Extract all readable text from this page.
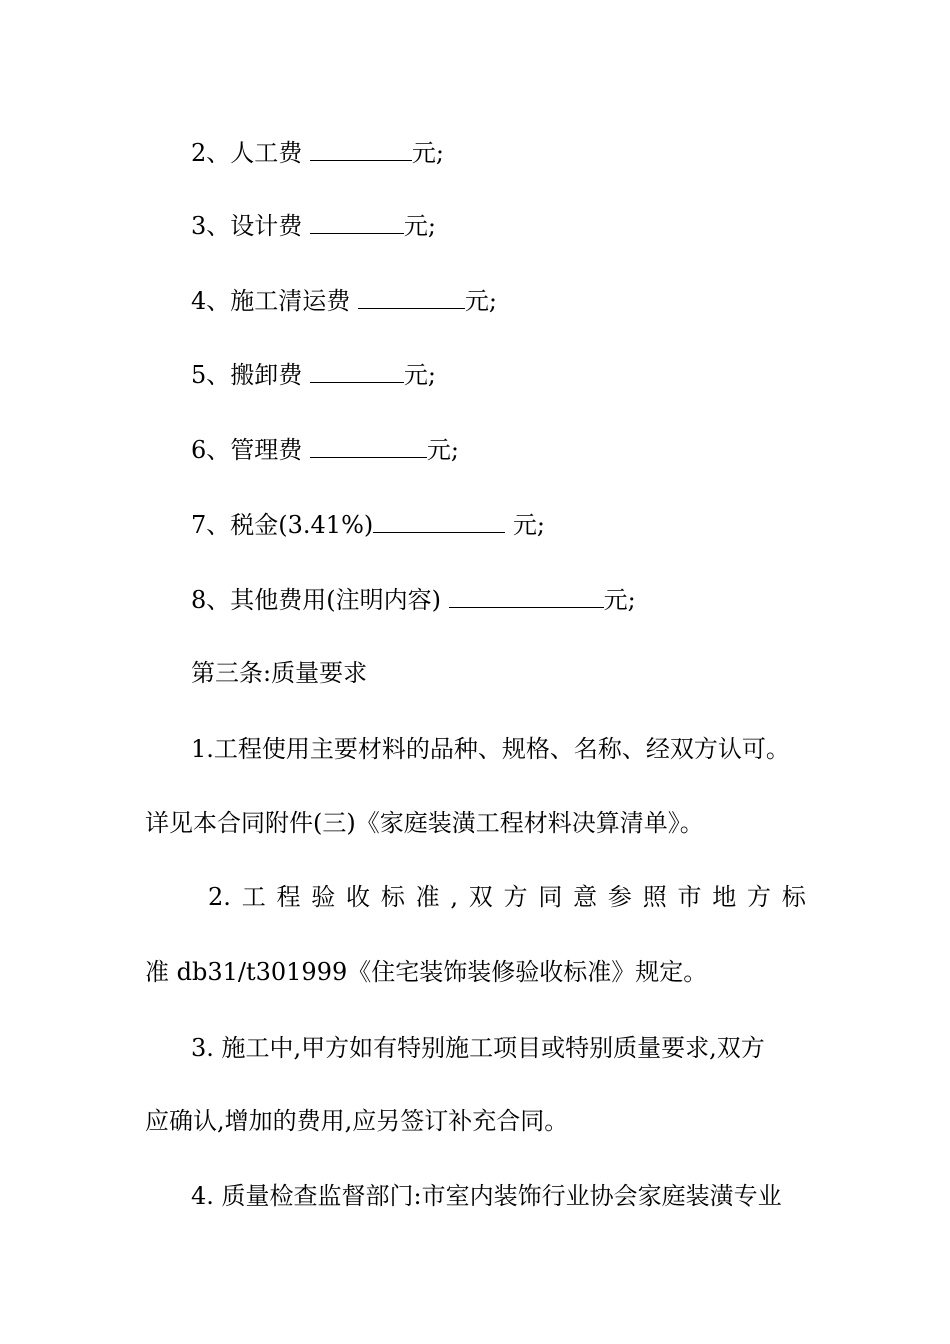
2、人工费	元;
3、设计费	元;
4、施工清运费	元;
5、搬卸费	元;
6、管理费	元;
7、税金(3.41%)	元;
8、其他费用(注明内容)	元;
第三条:质量要求
1.工程使用主要材料的品种、规格、名称、经双方认可。
详见本合同附件(三)《家庭装潢工程材料决算清单》。
2. 工 程 验 收 标 准 , 双 方 同 意 参 照 市 地 方 标
准 db31/t301999《住宅装饰装修验收标准》规定。
3. 施工中,甲方如有特别施工项目或特别质量要求,双方
应确认,增加的费用,应另签订补充合同。
4. 质量检查监督部门:市室内装饰行业协会家庭装潢专业
